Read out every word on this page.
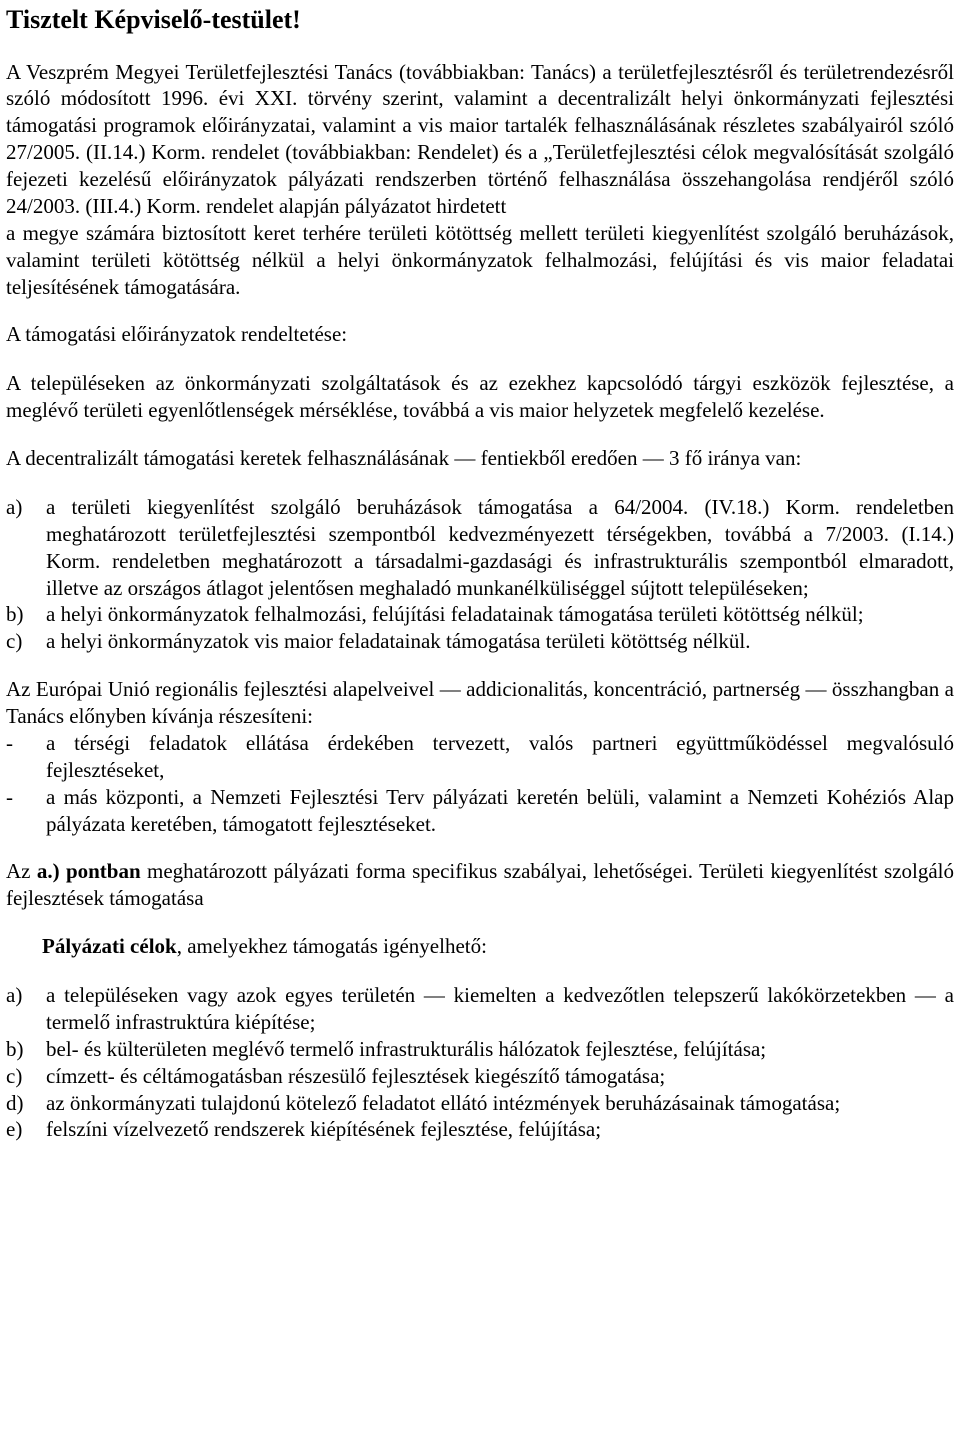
Tisztelt Képviselő-testület!

A Veszprém Megyei Területfejlesztési Tanács (továbbiakban: Tanács) a területfejlesztésről és területrendezésről szóló módosított 1996. évi XXI. törvény szerint, valamint a decentralizált helyi önkormányzati fejlesztési támogatási programok előirányzatai, valamint a vis maior tartalék felhasználásának részletes szabályairól szóló 27/2005. (II.14.) Korm. rendelet (továbbiakban: Rendelet) és a „Területfejlesztési célok megvalósítását szolgáló fejezeti kezelésű előirányzatok pályázati rendszerben történő felhasználása összehangolása rendjéről szóló 24/2003. (III.4.) Korm. rendelet alapján pályázatot hirdetett

a megye számára biztosított keret terhére területi kötöttség mellett területi kiegyenlítést szolgáló beruházások, valamint területi kötöttség nélkül a helyi önkormányzatok felhalmozási, felújítási és vis maior feladatai teljesítésének támogatására.

A támogatási előirányzatok rendeltetése:

A településeken az önkormányzati szolgáltatások és az ezekhez kapcsolódó tárgyi eszközök fejlesztése, a meglévő területi egyenlőtlenségek mérséklése, továbbá a vis maior helyzetek megfelelő kezelése.

A decentralizált támogatási keretek felhasználásának — fentiekből eredően — 3 fő iránya van:

a)	a területi kiegyenlítést szolgáló beruházások támogatása a 64/2004. (IV.18.) Korm. rendeletben meghatározott területfejlesztési szempontból kedvezményezett térségekben, továbbá a 7/2003. (I.14.) Korm. rendeletben meghatározott a társadalmi-gazdasági és infrastrukturális szempontból elmaradott, illetve az országos átlagot jelentősen meghaladó munkanélküliséggel sújtott településeken;
b)	a helyi önkormányzatok felhalmozási, felújítási feladatainak támogatása területi kötöttség nélkül;
c)	a helyi önkormányzatok vis maior feladatainak támogatása területi kötöttség nélkül.

Az Európai Unió regionális fejlesztési alapelveivel — addicionalitás, koncentráció, partnerség — összhangban a Tanács előnyben kívánja részesíteni:

-	a térségi feladatok ellátása érdekében tervezett, valós partneri együttműködéssel megvalósuló fejlesztéseket,
-	a más központi, a Nemzeti Fejlesztési Terv pályázati keretén belüli, valamint a Nemzeti Kohéziós Alap pályázata keretében, támogatott fejlesztéseket.

Az a.) pontban meghatározott pályázati forma specifikus szabályai, lehetőségei. Területi kiegyenlítést szolgáló fejlesztések támogatása

Pályázati célok, amelyekhez támogatás igényelhető:

a)	a településeken vagy azok egyes területén — kiemelten a kedvezőtlen telepszerű lakókörzetekben — a termelő infrastruktúra kiépítése;
b)	bel- és külterületen meglévő termelő infrastrukturális hálózatok fejlesztése, felújítása;
c)	címzett- és céltámogatásban részesülő fejlesztések kiegészítő támogatása;
d)	az önkormányzati tulajdonú kötelező feladatot ellátó intézmények beruházásainak támogatása;
e)	felszíni vízelvezető rendszerek kiépítésének fejlesztése, felújítása;
